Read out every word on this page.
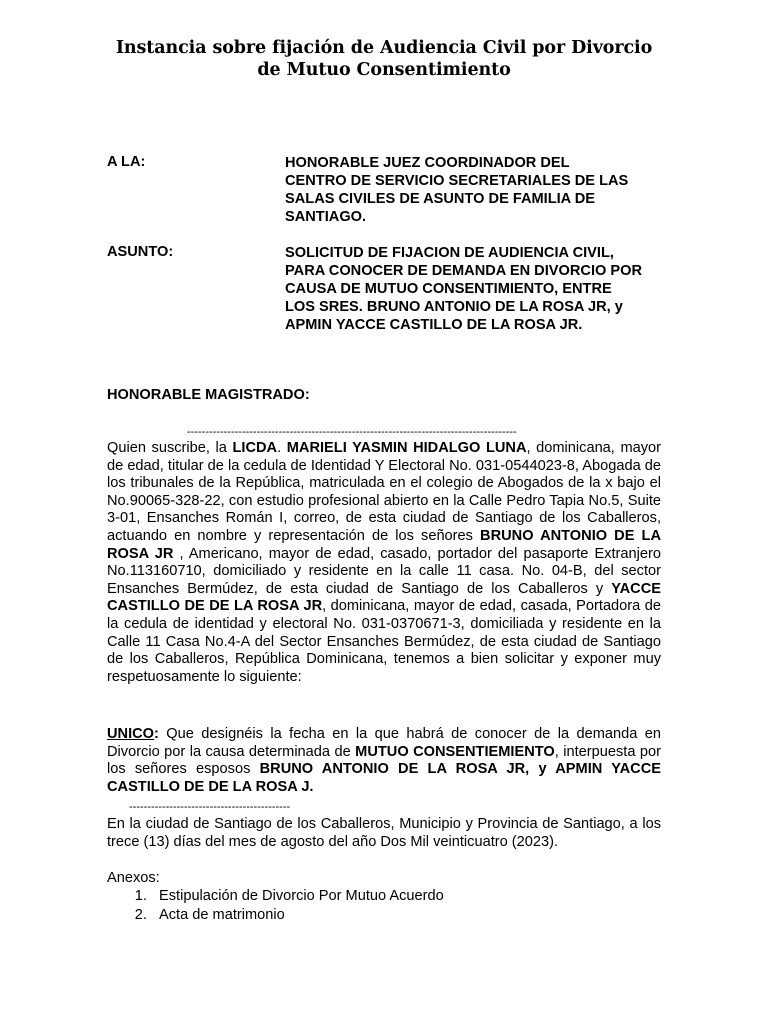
Instancia sobre fijación de Audiencia Civil por Divorcio
de Mutuo Consentimiento
A LA:	HONORABLE JUEZ COORDINADOR DEL
CENTRO DE SERVICIO SECRETARIALES DE LAS
SALAS CIVILES DE ASUNTO DE FAMILIA DE
SANTIAGO.
ASUNTO:	SOLICITUD DE FIJACION DE AUDIENCIA CIVIL,
PARA CONOCER DE DEMANDA EN DIVORCIO POR
CAUSA DE MUTUO CONSENTIMIENTO, ENTRE
LOS SRES. BRUNO ANTONIO DE LA ROSA JR, y
APMIN YACCE CASTILLO DE LA ROSA JR.
HONORABLE MAGISTRADO:
------------------------------------------------------------------------------------------
Quien suscribe, la LICDA. MARIELI YASMIN HIDALGO LUNA, dominicana, mayor de edad, titular de la cedula de Identidad Y Electoral No. 031-0544023-8, Abogada de los tribunales de la República, matriculada en el colegio de Abogados de la x bajo el No.90065-328-22, con estudio profesional abierto en la Calle Pedro Tapia No.5, Suite 3-01, Ensanches Román I, correo, de esta ciudad de Santiago de los Caballeros, actuando en nombre y representación de los señores BRUNO ANTONIO DE LA ROSA JR , Americano, mayor de edad, casado, portador del pasaporte Extranjero No.113160710, domiciliado y residente en la calle 11 casa. No. 04-B, del sector Ensanches Bermúdez, de esta ciudad de Santiago de los Caballeros y YACCE CASTILLO DE DE LA ROSA JR, dominicana, mayor de edad, casada, Portadora de la cedula de identidad y electoral No. 031-0370671-3, domiciliada y residente en la Calle 11 Casa No.4-A del Sector Ensanches Bermúdez, de esta ciudad de Santiago de los Caballeros, República Dominicana, tenemos a bien solicitar y exponer muy respetuosamente lo siguiente:
UNICO: Que designéis la fecha en la que habrá de conocer de la demanda en Divorcio por la causa determinada de MUTUO CONSENTIEMIENTO, interpuesta por los señores esposos BRUNO ANTONIO DE LA ROSA JR, y APMIN YACCE CASTILLO DE DE LA ROSA J.
--------------------------------------------
En la ciudad de Santiago de los Caballeros, Municipio y Provincia de Santiago, a los trece (13) días del mes de agosto del año Dos Mil veinticuatro (2023).
Anexos:
1. Estipulación de Divorcio Por Mutuo Acuerdo
2. Acta de matrimonio
